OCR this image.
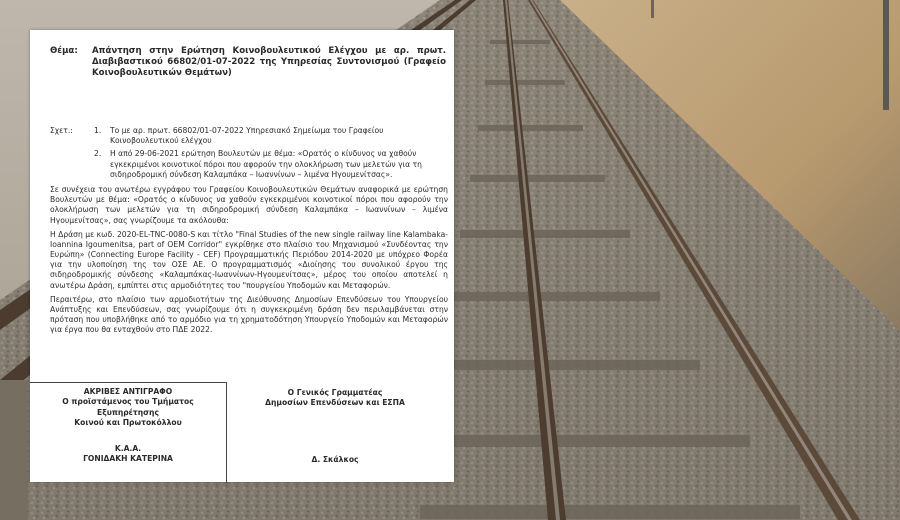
Θέμα:	Απάντηση στην Ερώτηση Κοινοβουλευτικού Ελέγχου με αρ. πρωτ. Διαβιβαστικού 66802/01-07-2022 της Υπηρεσίας Συντονισμού (Γραφείο Κοινοβουλευτικών Θεμάτων)
Σχετ.:	1.	Το με αρ. πρωτ. 66802/01-07-2022 Υπηρεσιακό Σημείωμα του Γραφείου Κοινοβουλευτικού ελέγχου
2.	Η από 29-06-2021 ερώτηση Βουλευτών με θέμα: «Ορατός ο κίνδυνος να χαθούν εγκεκριμένοι κοινοτικοί πόροι που αφορούν την ολοκλήρωση των μελετών για τη σιδηροδρομική σύνδεση Καλαμπάκα – Ιωαννίνων – λιμένα Ηγουμενίτσας».

Σε συνέχεια του ανωτέρω εγγράφου του Γραφείου Κοινοβουλευτικών Θεμάτων αναφορικά με ερώτηση Βουλευτών με θέμα: «Ορατός ο κίνδυνος να χαθούν εγκεκριμένοι κοινοτικοί πόροι που αφορούν την ολοκλήρωση των μελετών για τη σιδηροδρομική σύνδεση Καλαμπάκα – Ιωαννίνων – λιμένα Ηγουμενίτσας», σας γνωρίζουμε τα ακόλουθα:

Η Δράση με κωδ. 2020-EL-TNC-0080-S και τίτλο "Final Studies of the new single railway line Kalambaka-Ioannina Igoumenitsa, part of OEM Corridor" εγκρίθηκε στο πλαίσιο του Μηχανισμού «Συνδέοντας την Ευρώπη» (Connecting Europe Facility - CEF) Προγραμματικής Περιόδου 2014-2020 με υπόχρεο Φορέα για την υλοποίηση της τον ΟΣΕ ΑΕ. Ο προγραμματισμός «Διοίησης του συνολικού έργου της σιδηροδρομικής σύνδεσης «Καλαμπάκας-Ιωαννίνων-Ηγουμενίτσας», μέρος του οποίου αποτελεί η ανωτέρω Δράση, εμπίπτει στις αρμοδιότητες του "πουργείου Υποδομών και Μεταφορών.

Περαιτέρω, στο πλαίσιο των αρμοδιοτήτων της Διεύθυνσης Δημοσίων Επενδύσεων του Υπουργείου Ανάπτυξης και Επενδύσεων, σας γνωρίζουμε ότι η συγκεκριμένη δράση δεν περιλαμβάνεται στην πρόταση που υποβλήθηκε από το αρμόδιο για τη χρηματοδότηση Υπουργείο Υποδομών και Μεταφορών για έργα που θα ενταχθούν στο ΠΔΕ 2022.

ΑΚΡΙΒΕΣ ΑΝΤΙΓΡΑΦΟ
Ο προϊστάμενος του Τμήματος Εξυπηρέτησης
Κοινού και Πρωτοκόλλου
Κ.Α.Α.
ΓΟΝΙΔΑΚΗ ΚΑΤΕΡΙΝΑ
Ο Γενικός Γραμματέας
Δημοσίων Επενδύσεων και ΕΣΠΑ
Δ. Σκάλκος
